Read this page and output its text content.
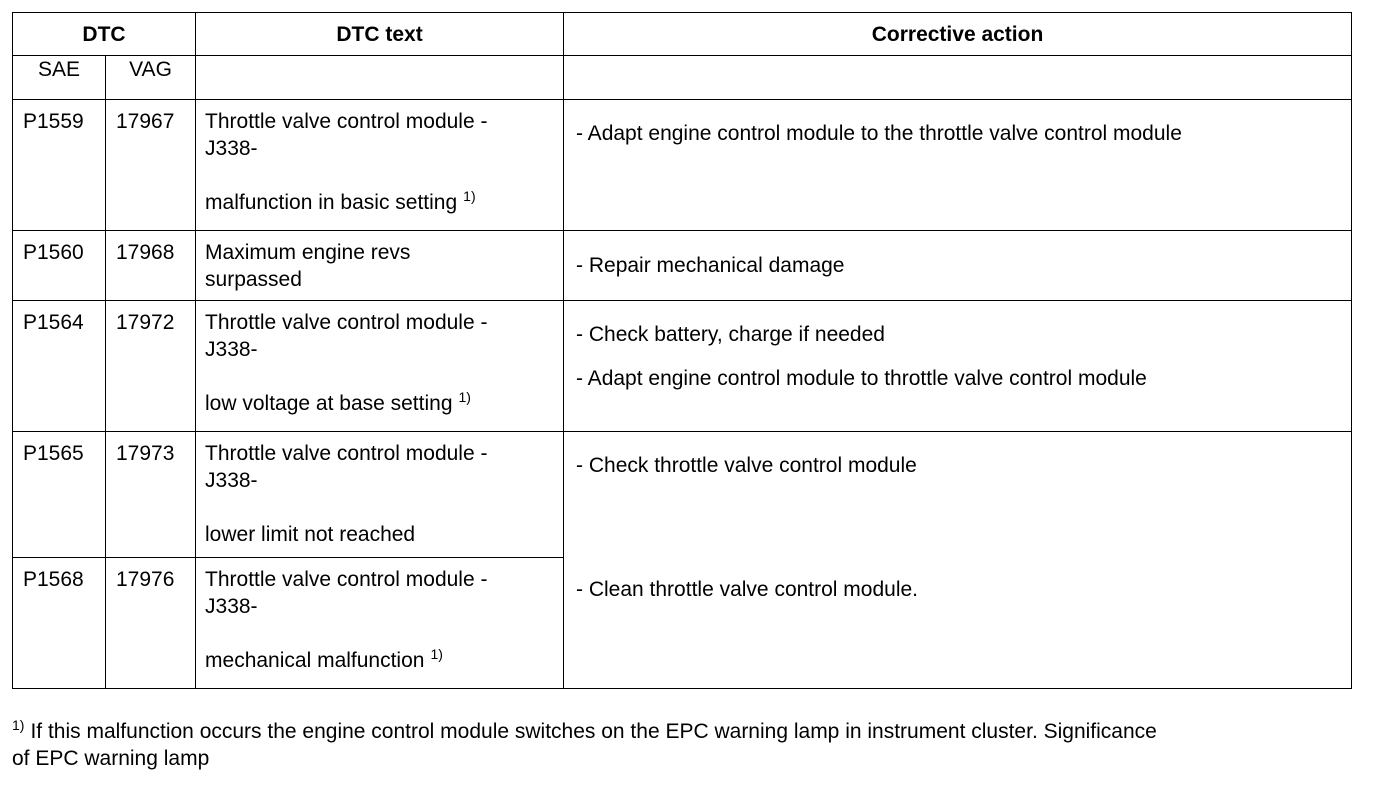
DTC		DTC text	Corrective action
SAE	VAG		
P1559	17967	Throttle valve control module -
J338-
malfunction in basic setting $^{1)}$	- Adapt engine control module to the throttle valve control module

P1560	17968	Maximum engine revs
surpassed	- Repair mechanical damage

P1564	17972	Throttle valve control module -
J338-
low voltage at base setting $^{1)}$	- Check battery, charge if needed
- Adapt engine control module to throttle valve control module

P1565	17973	Throttle valve control module -
J338-
lower limit not reached	- Check throttle valve control module
- Clean throttle valve control module.

P1568	17976	Throttle valve control module -
J338-
mechanical malfunction $^{1)}$
$^{1)}$ If this malfunction occurs the engine control module switches on the EPC warning lamp in instrument cluster. Significance
of EPC warning lamp
